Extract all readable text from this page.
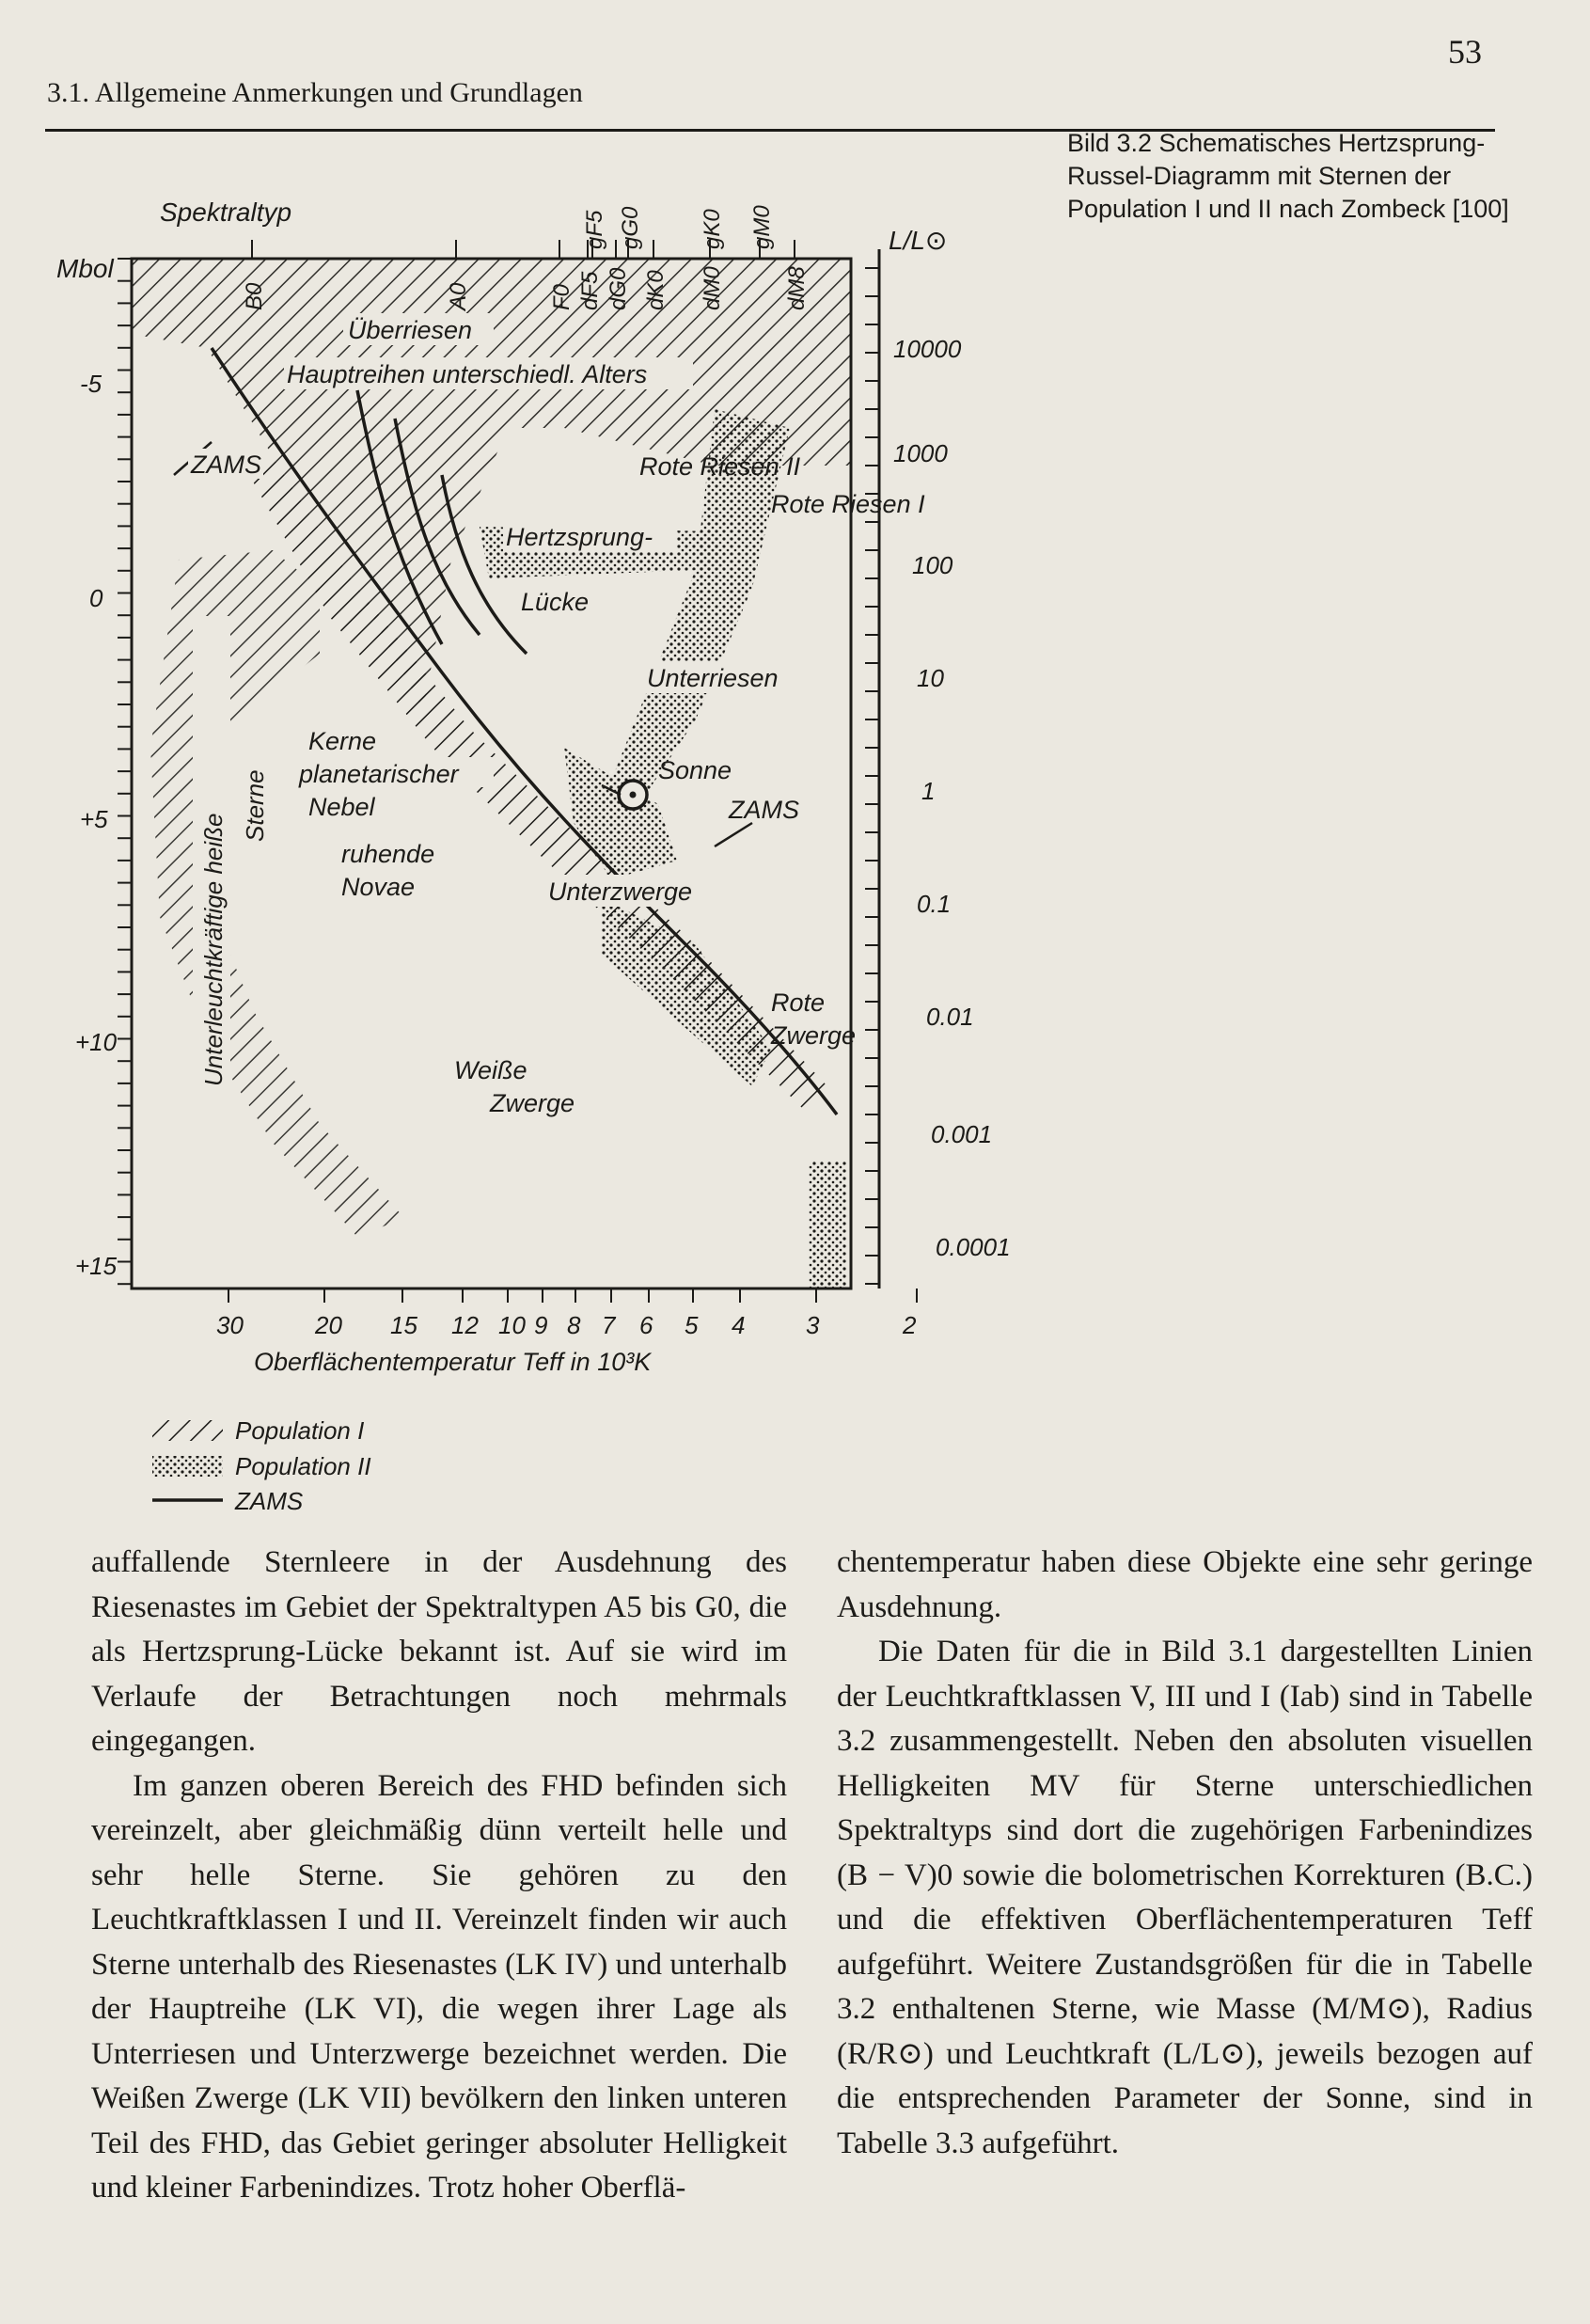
53
3.1. Allgemeine Anmerkungen und Grundlagen
Bild 3.2 Schematisches Hertzsprung-Russel-Diagramm mit Sternen der Population I und II nach Zombeck [100]
-5
0
+5
+10
+15
Mbol
10000
1000
100
10
1
0.1
0.01
0.001
0.0001
L/L⊙
30	20 15 12 10 9 8 7 6 5 4 3	2
Oberflächentemperatur Teff in 10³K
Spektraltyp	gF5 gG0	gK0 gM0
B0	A0	F0 dF5 dG0 dK0 dM0	dM8
Überriesen
Hauptreihen unterschiedl. Alters
ZAMS	Rote Riesen II
Rote Riesen I
Hertzsprung-
Lücke
Unterriesen
Sonne
ZAMS
Kerne
planetarischer
Nebel
ruhende
Novae	Unterzwerge
Rote
Zwerge
Weiße
Zwerge
Unterleuchtkräftige heiße
Sterne
Population I
Population II
ZAMS

auffallende Sternleere in der Ausdehnung des Riesenastes im Gebiet der Spektraltypen A5 bis G0, die als Hertzsprung-Lücke bekannt ist. Auf sie wird im Verlaufe der Betrachtungen noch mehrmals eingegangen.

Im ganzen oberen Bereich des FHD befinden sich vereinzelt, aber gleichmäßig dünn verteilt helle und sehr helle Sterne. Sie gehören zu den Leuchtkraftklassen I und II. Vereinzelt finden wir auch Sterne unterhalb des Riesenastes (LK IV) und unterhalb der Hauptreihe (LK VI), die wegen ihrer Lage als Unterriesen und Unterzwerge bezeichnet werden. Die Weißen Zwerge (LK VII) bevölkern den linken unteren Teil des FHD, das Gebiet geringer absoluter Helligkeit und kleiner Farbenindizes. Trotz hoher Oberflä-

chentemperatur haben diese Objekte eine sehr geringe Ausdehnung.

Die Daten für die in Bild 3.1 dargestellten Linien der Leuchtkraftklassen V, III und I (Iab) sind in Tabelle 3.2 zusammengestellt. Neben den absoluten visuellen Helligkeiten MV für Sterne unterschiedlichen Spektraltyps sind dort die zugehörigen Farbenindizes (B − V)0 sowie die bolometrischen Korrekturen (B.C.) und die effektiven Oberflächentemperaturen Teff aufgeführt. Weitere Zustandsgrößen für die in Tabelle 3.2 enthaltenen Sterne, wie Masse (M/M⊙), Radius (R/R⊙) und Leuchtkraft (L/L⊙), jeweils bezogen auf die entsprechenden Parameter der Sonne, sind in Tabelle 3.3 aufgeführt.
